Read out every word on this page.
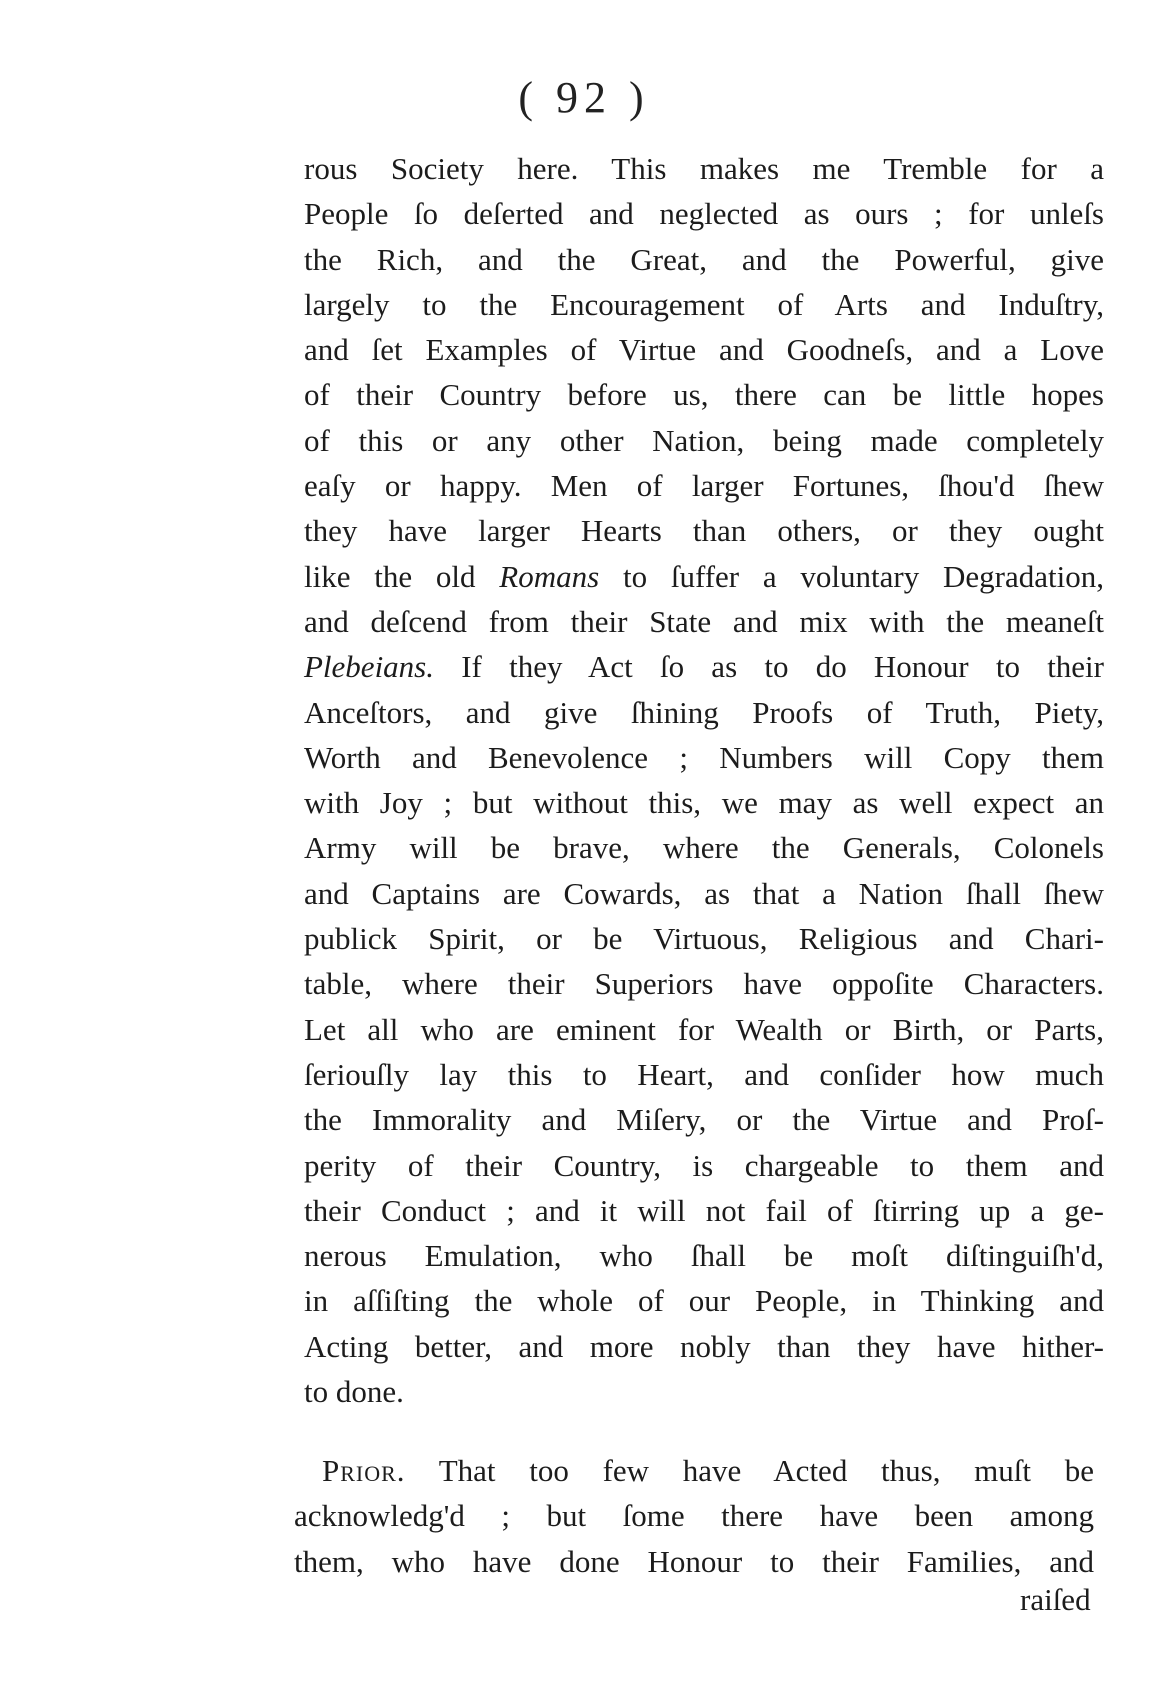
( 92 )
rous Society here. This makes me Tremble for a
People ſo deſerted and neglected as ours ; for unleſs
the Rich, and the Great, and the Powerful, give
largely to the Encouragement of Arts and Induſtry,
and ſet Examples of Virtue and Goodneſs, and a Love
of their Country before us, there can be little hopes
of this or any other Nation, being made completely
eaſy or happy. Men of larger Fortunes, ſhou'd ſhew
they have larger Hearts than others, or they ought
like the old Romans to ſuffer a voluntary Degradation,
and deſcend from their State and mix with the meaneſt
Plebeians. If they Act ſo as to do Honour to their
Anceſtors, and give ſhining Proofs of Truth, Piety,
Worth and Benevolence ; Numbers will Copy them
with Joy ; but without this, we may as well expect an
Army will be brave, where the Generals, Colonels
and Captains are Cowards, as that a Nation ſhall ſhew
publick Spirit, or be Virtuous, Religious and Chari-
table, where their Superiors have oppoſite Characters.
Let all who are eminent for Wealth or Birth, or Parts,
ſeriouſly lay this to Heart, and conſider how much
the Immorality and Miſery, or the Virtue and Proſ-
perity of their Country, is chargeable to them and
their Conduct ; and it will not fail of ſtirring up a ge-
nerous Emulation, who ſhall be moſt diſtinguiſh'd,
in aſſiſting the whole of our People, in Thinking and
Acting better, and more nobly than they have hither-
to done.
Prior. That too few have Acted thus, muſt be
acknowledg'd ; but ſome there have been among
them, who have done Honour to their Families, and
raiſed
